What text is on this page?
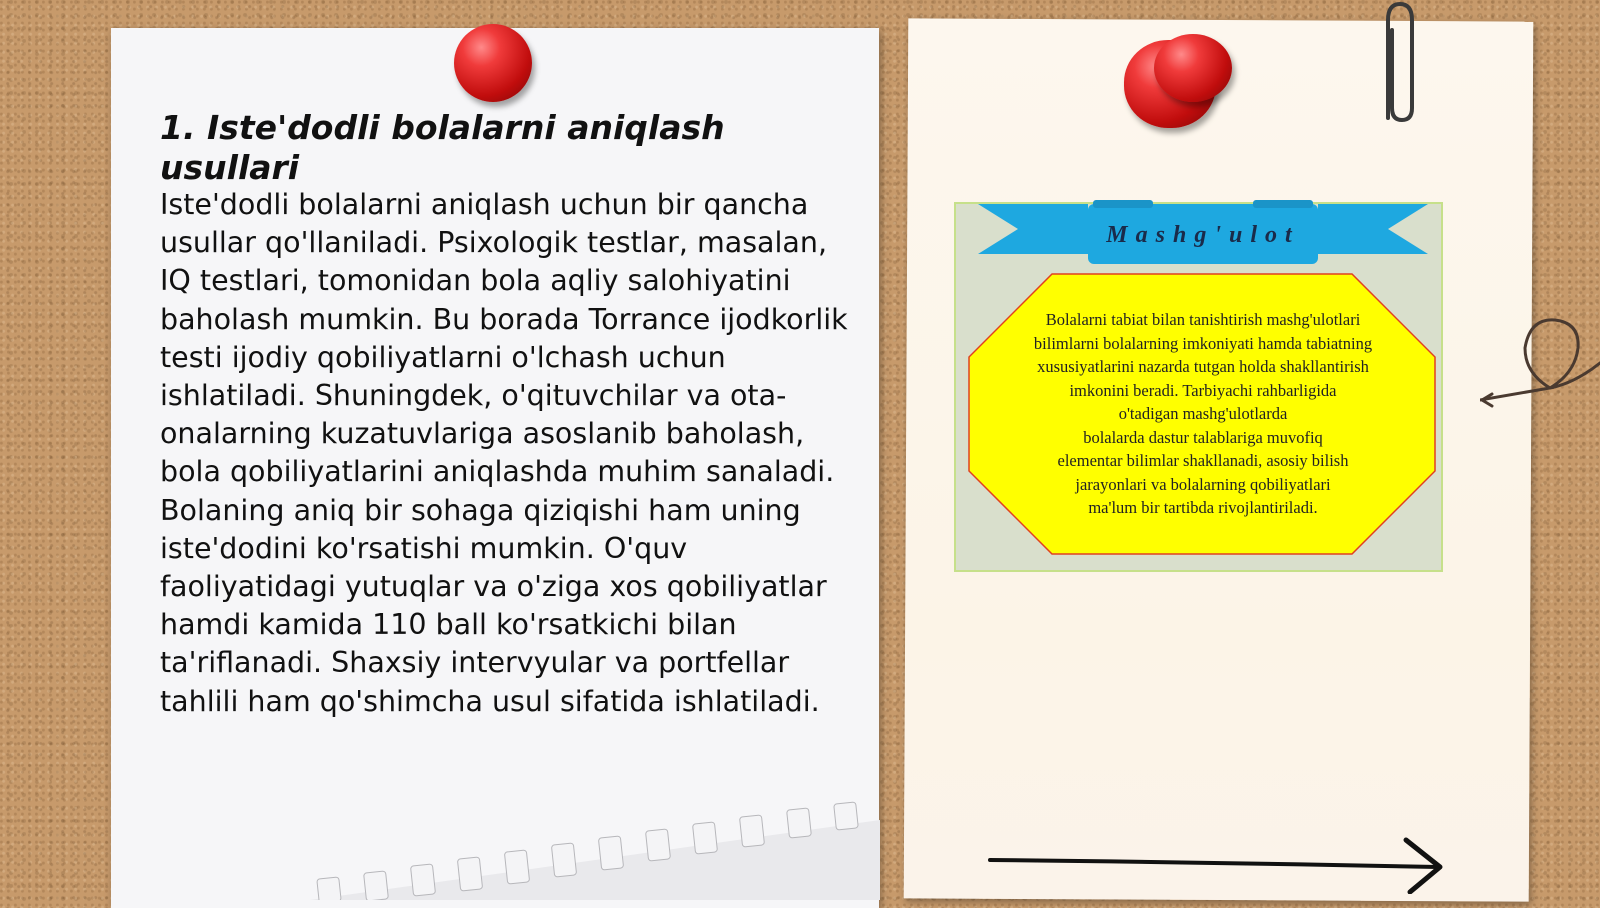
1. Iste'dodli bolalarni aniqlash usullari

Iste'dodli bolalarni aniqlash uchun bir qancha usullar qo'llaniladi. Psixologik testlar, masalan, IQ testlari, tomonidan bola aqliy salohiyatini baholash mumkin. Bu borada Torrance ijodkorlik testi ijodiy qobiliyatlarni o'lchash uchun ishlatiladi. Shuningdek, o'qituvchilar va ota-onalarning kuzatuvlariga asoslanib baholash, bola qobiliyatlarini aniqlashda muhim sanaladi. Bolaning aniq bir sohaga qiziqishi ham uning iste'dodini ko'rsatishi mumkin. O'quv faoliyatidagi yutuqlar va o'ziga xos qobiliyatlar hamdi kamida 110 ball ko'rsatkichi bilan ta'riflanadi. Shaxsiy intervyular va portfellar tahlili ham qo'shimcha usul sifatida ishlatiladi.

Mashg'ulot

Bolalarni tabiat bilan tanishtirish mashg'ulotlari
bilimlarni bolalarning imkoniyati hamda tabiatning
xususiyatlarini nazarda tutgan holda shakllantirish
imkonini beradi. Tarbiyachi rahbarligida
o'tadigan mashg'ulotlarda
bolalarda dastur talablariga muvofiq
elementar bilimlar shakllanadi, asosiy bilish
jarayonlari va bolalarning qobiliyatlari
ma'lum bir tartibda rivojlantiriladi.
